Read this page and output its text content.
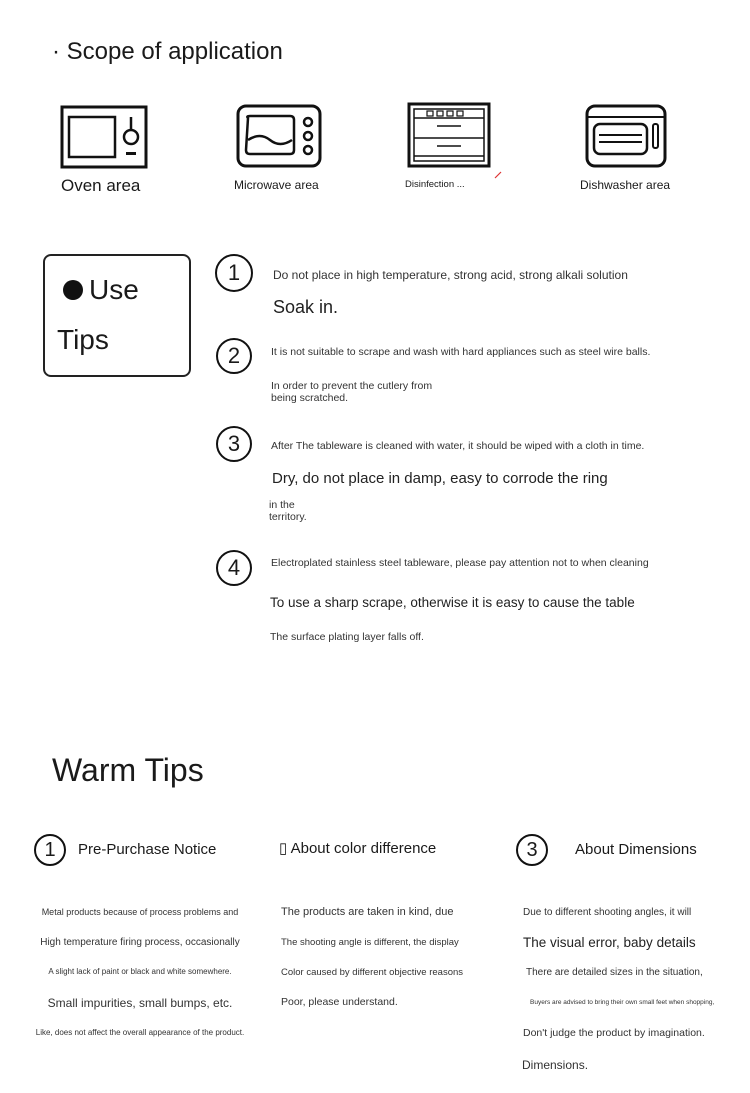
· Scope of application
Oven area	Microwave area	Disinfection ...	Dishwasher area
Use
Tips
1	Do not place in high temperature, strong acid, strong alkali solution
Soak in.
2	It is not suitable to scrape and wash with hard appliances such as steel wire balls.
In order to prevent the cutlery from being scratched.
3	After The tableware is cleaned with water, it should be wiped with a cloth in time.
Dry, do not place in damp, easy to corrode the ring
in the territory.
4	Electroplated stainless steel tableware, please pay attention not to when cleaning
To use a sharp scrape, otherwise it is easy to cause the table
The surface plating layer falls off.
Warm Tips
1	Pre-Purchase Notice
Metal products because of process problems and
High temperature firing process, occasionally
A slight lack of paint or black and white somewhere.
Small impurities, small bumps, etc.
Like, does not affect the overall appearance of the product.
▯ About color difference
The products are taken in kind, due
The shooting angle is different, the display
Color caused by different objective reasons
Poor, please understand.
3	About Dimensions
Due to different shooting angles, it will
The visual error, baby details
There are detailed sizes in the situation,
Buyers are advised to bring their own small feet when shopping,
Don't judge the product by imagination.
Dimensions.
